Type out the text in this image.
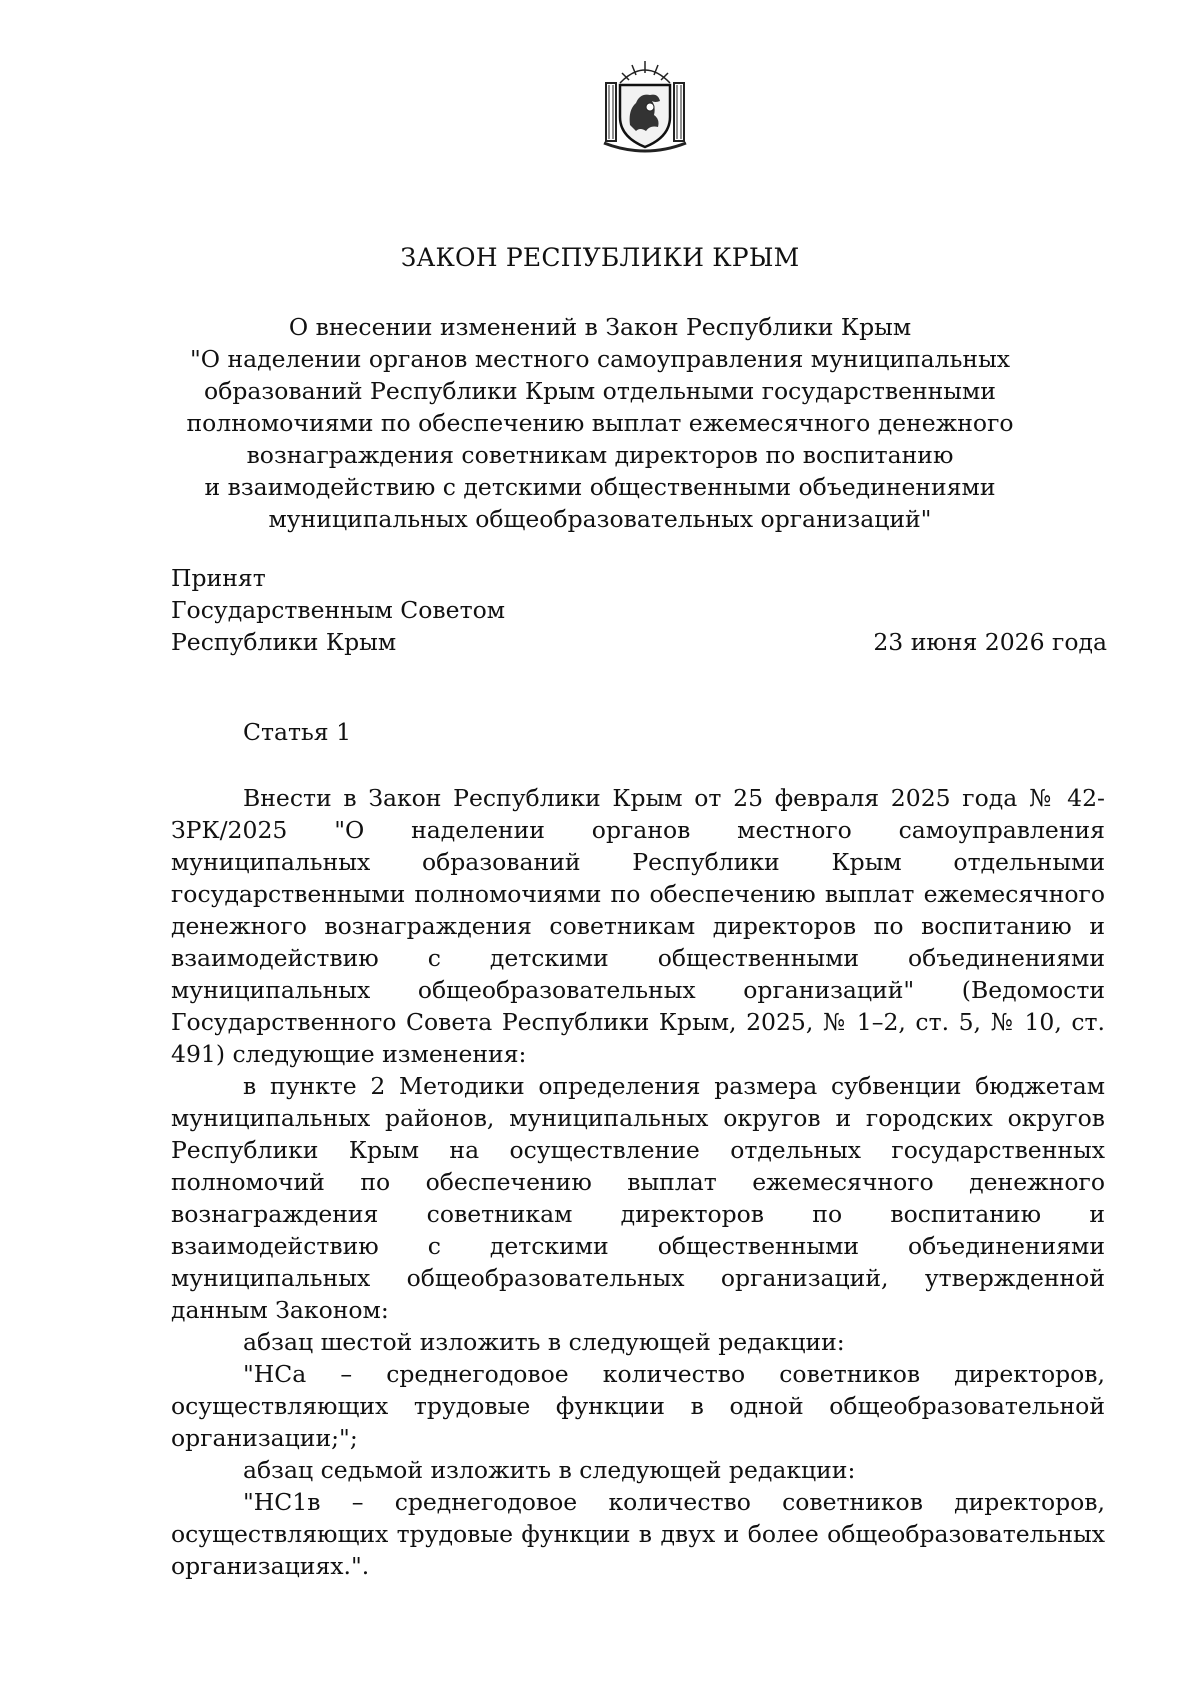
ЗАКОН РЕСПУБЛИКИ КРЫМ
О внесении изменений в Закон Республики Крым
"О наделении органов местного самоуправления муниципальных
образований Республики Крым отдельными государственными
полномочиями по обеспечению выплат ежемесячного денежного
вознаграждения советникам директоров по воспитанию
и взаимодействию с детскими общественными объединениями
муниципальных общеобразовательных организаций"
Принят
Государственным Советом
Республики Крым	23 июня 2026 года
Статья 1

Внести в Закон Республики Крым от 25 февраля 2025 года № 42-ЗРК/2025 "О наделении органов местного самоуправления муниципальных образований Республики Крым отдельными государственными полномочиями по обеспечению выплат ежемесячного денежного вознаграждения советникам директоров по воспитанию и взаимодействию с детскими общественными объединениями муниципальных общеобразовательных организаций" (Ведомости Государственного Совета Республики Крым, 2025, № 1–2, ст. 5, № 10, ст. 491) следующие изменения:

в пункте 2 Методики определения размера субвенции бюджетам муниципальных районов, муниципальных округов и городских округов Республики Крым на осуществление отдельных государственных полномочий по обеспечению выплат ежемесячного денежного вознаграждения советникам директоров по воспитанию и взаимодействию с детскими общественными объединениями муниципальных общеобразовательных организаций, утвержденной данным Законом:

абзац шестой изложить в следующей редакции:

"НСа – среднегодовое количество советников директоров, осуществляющих трудовые функции в одной общеобразовательной организации;";

абзац седьмой изложить в следующей редакции:

"НС1в – среднегодовое количество советников директоров, осуществляющих трудовые функции в двух и более общеобразовательных организациях.".
